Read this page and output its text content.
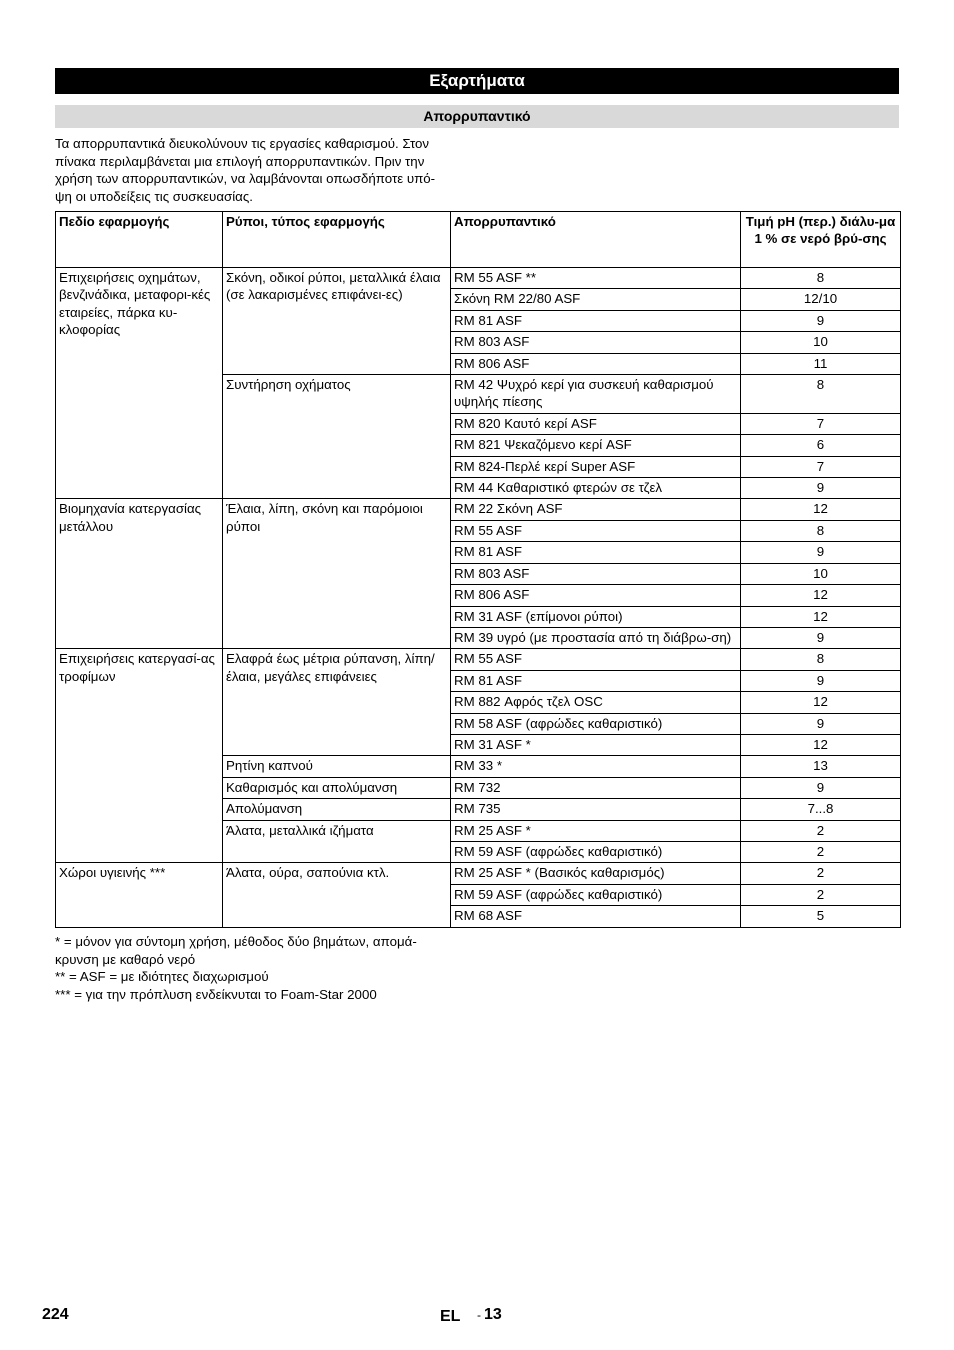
Εξαρτήματα
Απορρυπαντικό
Τα απορρυπαντικά διευκολύνουν τις εργασίες καθαρισμού. Στον
πίνακα περιλαμβάνεται μια επιλογή απορρυπαντικών. Πριν την
χρήση των απορρυπαντικών, να λαμβάνονται οπωσδήποτε υπό-
ψη οι υποδείξεις τις συσκευασίας.
Πεδίο εφαρμογής	Ρύποι, τύπος εφαρμογής	Απορρυπαντικό	Τιμή pH (περ.) διάλυ-μα 1 % σε νερό βρύ-σης
Επιχειρήσεις οχημάτων, βενζινάδικα, μεταφορι-κές εταιρείες, πάρκα κυ-κλοφορίας	Σκόνη, οδικοί ρύποι, μεταλλικά έλαια (σε λακαρισμένες επιφάνει-ες)	RM 55 ASF **	8
		Σκόνη RM 22/80 ASF	12/10
		RM 81 ASF	9
		RM 803 ASF	10
		RM 806 ASF	11
	Συντήρηση οχήματος	RM 42 Ψυχρό κερί για συσκευή καθαρισμού υψηλής πίεσης	8
		RM 820 Καυτό κερί ASF	7
		RM 821 Ψεκαζόμενο κερί ASF	6
		RM 824-Περλέ κερί Super ASF	7
		RM 44 Καθαριστικό φτερών σε τζελ	9
Βιομηχανία κατεργασίας μετάλλου	Έλαια, λίπη, σκόνη και παρόμοιοι ρύποι	RM 22 Σκόνη ASF	12
		RM 55 ASF	8
		RM 81 ASF	9
		RM 803 ASF	10
		RM 806 ASF	12
		RM 31 ASF (επίμονοι ρύποι)	12
		RM 39 υγρό (με προστασία από τη διάβρω-ση)	9
Επιχειρήσεις κατεργασί-ας τροφίμων	Ελαφρά έως μέτρια ρύπανση, λίπη/έλαια, μεγάλες επιφάνειες	RM 55 ASF	8
		RM 81 ASF	9
		RM 882 Αφρός τζελ OSC	12
		RM 58 ASF (αφρώδες καθαριστικό)	9
		RM 31 ASF *	12
	Ρητίνη καπνού	RM 33 *	13
	Καθαρισμός και απολύμανση	RM 732	9
	Απολύμανση	RM 735	7...8
	Άλατα, μεταλλικά ιζήματα	RM 25 ASF *	2
		RM 59 ASF (αφρώδες καθαριστικό)	2
Χώροι υγιεινής ***	Άλατα, ούρα, σαπούνια κτλ.	RM 25 ASF * (Βασικός καθαρισμός)	2
		RM 59 ASF (αφρώδες καθαριστικό)	2
		RM 68 ASF	5
* = μόνον για σύντομη χρήση, μέθοδος δύο βημάτων, απομά-
κρυνση με καθαρό νερό
** = ASF = με ιδιότητες διαχωρισμού
*** = για την πρόπλυση ενδείκνυται το Foam-Star 2000
224	EL - 13
